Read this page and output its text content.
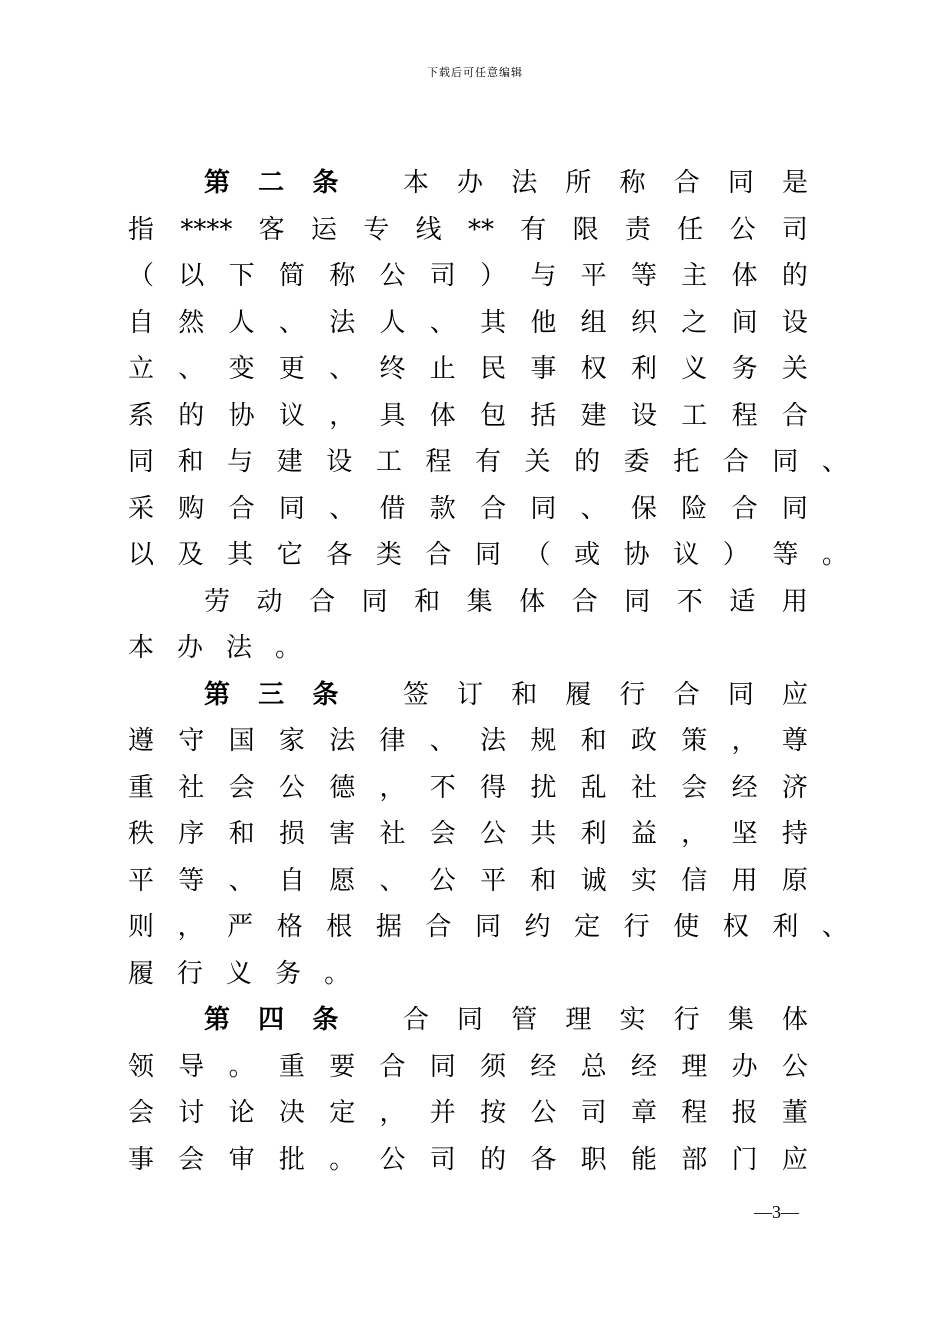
下载后可任意编辑
第 二 条
本 办 法 所 称 合 同 是
指 **** 客 运 专 线 ** 有 限 责 任 公 司
（ 以 下 简 称 公 司 ） 与 平 等 主 体 的
自 然 人 、 法 人 、 其 他 组 织 之 间 设
立 、 变 更 、 终 止 民 事 权 利 义 务 关
系 的 协 议 ， 具 体 包 括 建 设 工 程 合
同 和 与 建 设 工 程 有 关 的 委 托 合 同 、
采 购 合 同 、 借 款 合 同 、 保 险 合 同
以 及 其 它 各 类 合 同 （ 或 协 议 ） 等 。
劳 动 合 同 和 集 体 合 同 不 适 用
本 办 法 。
第 三 条
签 订 和 履 行 合 同 应
遵 守 国 家 法 律 、 法 规 和 政 策 ， 尊
重 社 会 公 德 ， 不 得 扰 乱 社 会 经 济
秩 序 和 损 害 社 会 公 共 利 益 ， 坚 持
平 等 、 自 愿 、 公 平 和 诚 实 信 用 原
则 ， 严 格 根 据 合 同 约 定 行 使 权 利 、
履 行 义 务 。
第 四 条
合 同 管 理 实 行 集 体
领 导 。 重 要 合 同 须 经 总 经 理 办 公
会 讨 论 决 定 ， 并 按 公 司 章 程 报 董
事 会 审 批 。 公 司 的 各 职 能 部 门 应
—3—
